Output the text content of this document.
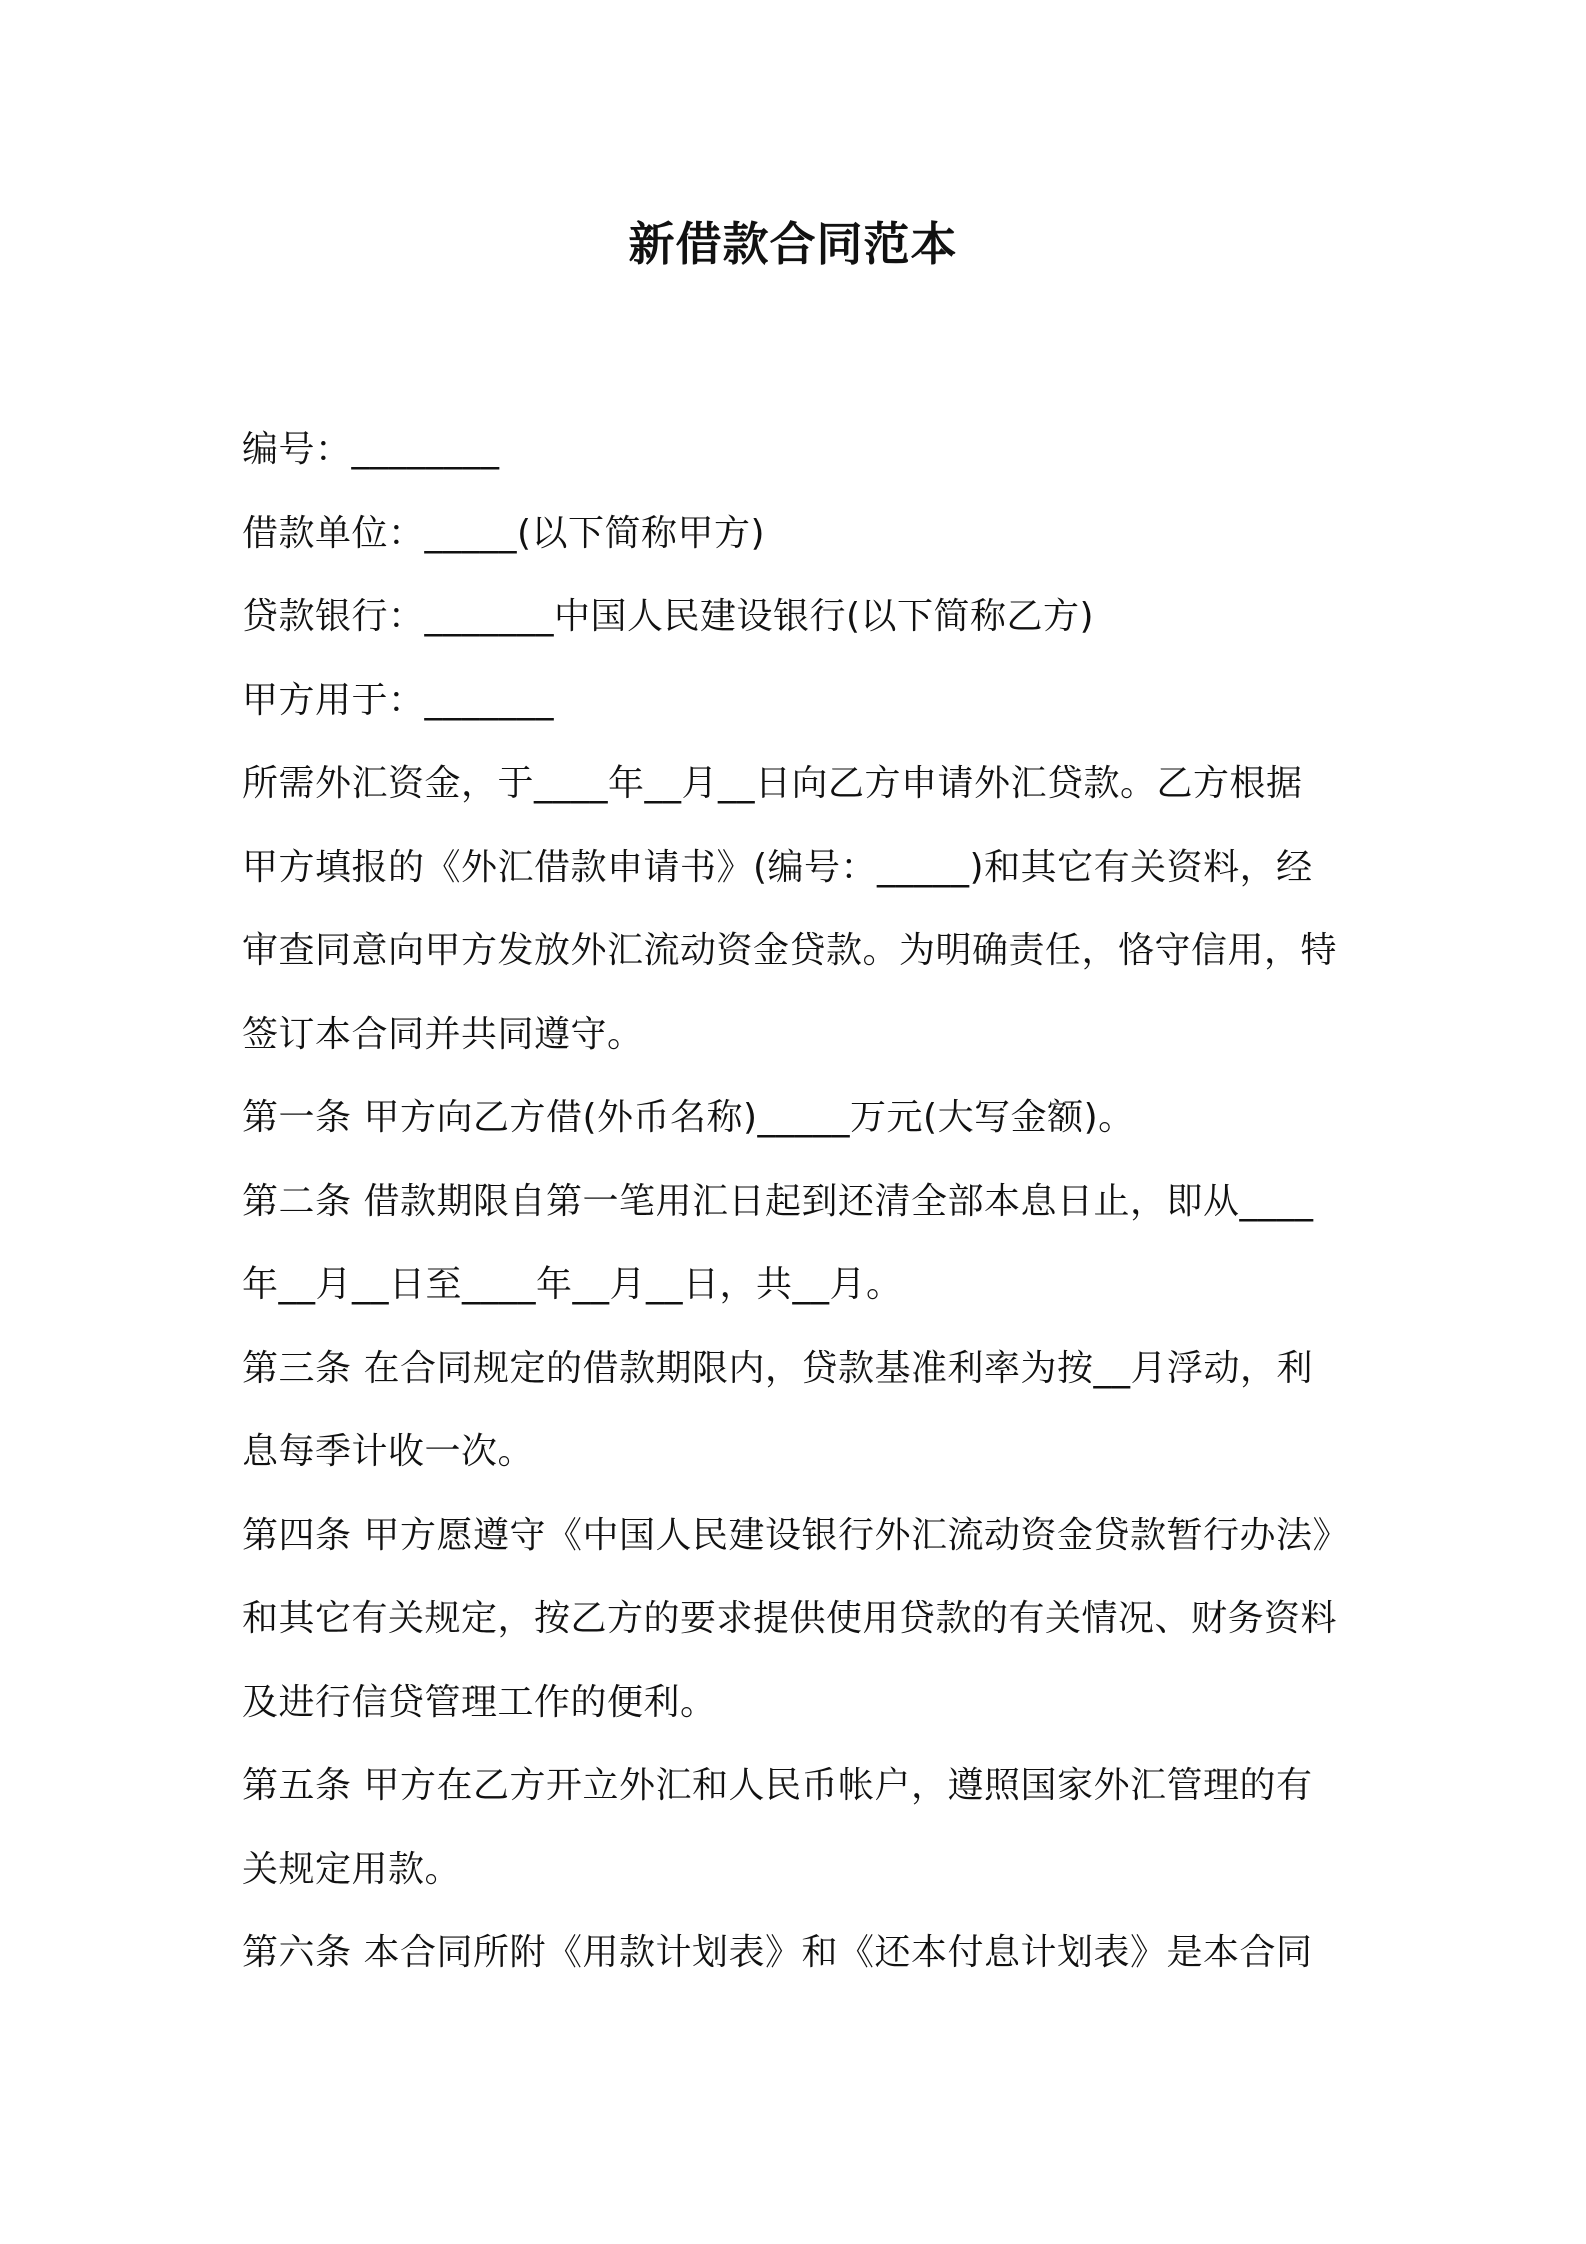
新借款合同范本
编号：________
借款单位：_____(以下简称甲方)
贷款银行：_______中国人民建设银行(以下简称乙方)
甲方用于：_______
所需外汇资金，于____年__月__日向乙方申请外汇贷款。乙方根据
甲方填报的《外汇借款申请书》(编号：_____)和其它有关资料，经
审查同意向甲方发放外汇流动资金贷款。为明确责任，恪守信用，特
签订本合同并共同遵守。
第一条 甲方向乙方借(外币名称)_____万元(大写金额)。
第二条 借款期限自第一笔用汇日起到还清全部本息日止，即从____
年__月__日至____年__月__日，共__月。
第三条 在合同规定的借款期限内，贷款基准利率为按__月浮动，利
息每季计收一次。
第四条 甲方愿遵守《中国人民建设银行外汇流动资金贷款暂行办法》
和其它有关规定，按乙方的要求提供使用贷款的有关情况、财务资料
及进行信贷管理工作的便利。
第五条 甲方在乙方开立外汇和人民币帐户，遵照国家外汇管理的有
关规定用款。
第六条 本合同所附《用款计划表》和《还本付息计划表》是本合同
